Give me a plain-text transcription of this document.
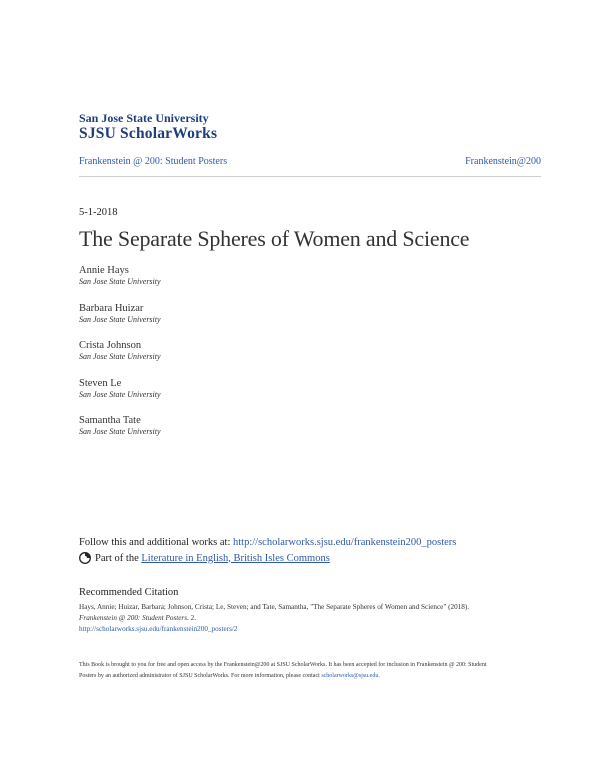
San Jose State University
SJSU ScholarWorks
Frankenstein @ 200: Student Posters	Frankenstein@200
5-1-2018
The Separate Spheres of Women and Science
Annie Hays
San Jose State University
Barbara Huizar
San Jose State University
Crista Johnson
San Jose State University
Steven Le
San Jose State University
Samantha Tate
San Jose State University
Follow this and additional works at: http://scholarworks.sjsu.edu/frankenstein200_posters
Part of the
Literature in English, British Isles Commons
Recommended Citation
Hays, Annie; Huizar, Barbara; Johnson, Crista; Le, Steven; and Tate, Samantha, "The Separate Spheres of Women and Science" (2018).
Frankenstein @ 200: Student Posters. 2.
http://scholarworks.sjsu.edu/frankenstein200_posters/2
This Book is brought to you for free and open access by the Frankenstein@200 at SJSU ScholarWorks. It has been accepted for inclusion in Frankenstein @ 200: Student Posters by an authorized administrator of SJSU ScholarWorks. For more information, please contact scholarworks@sjsu.edu.
